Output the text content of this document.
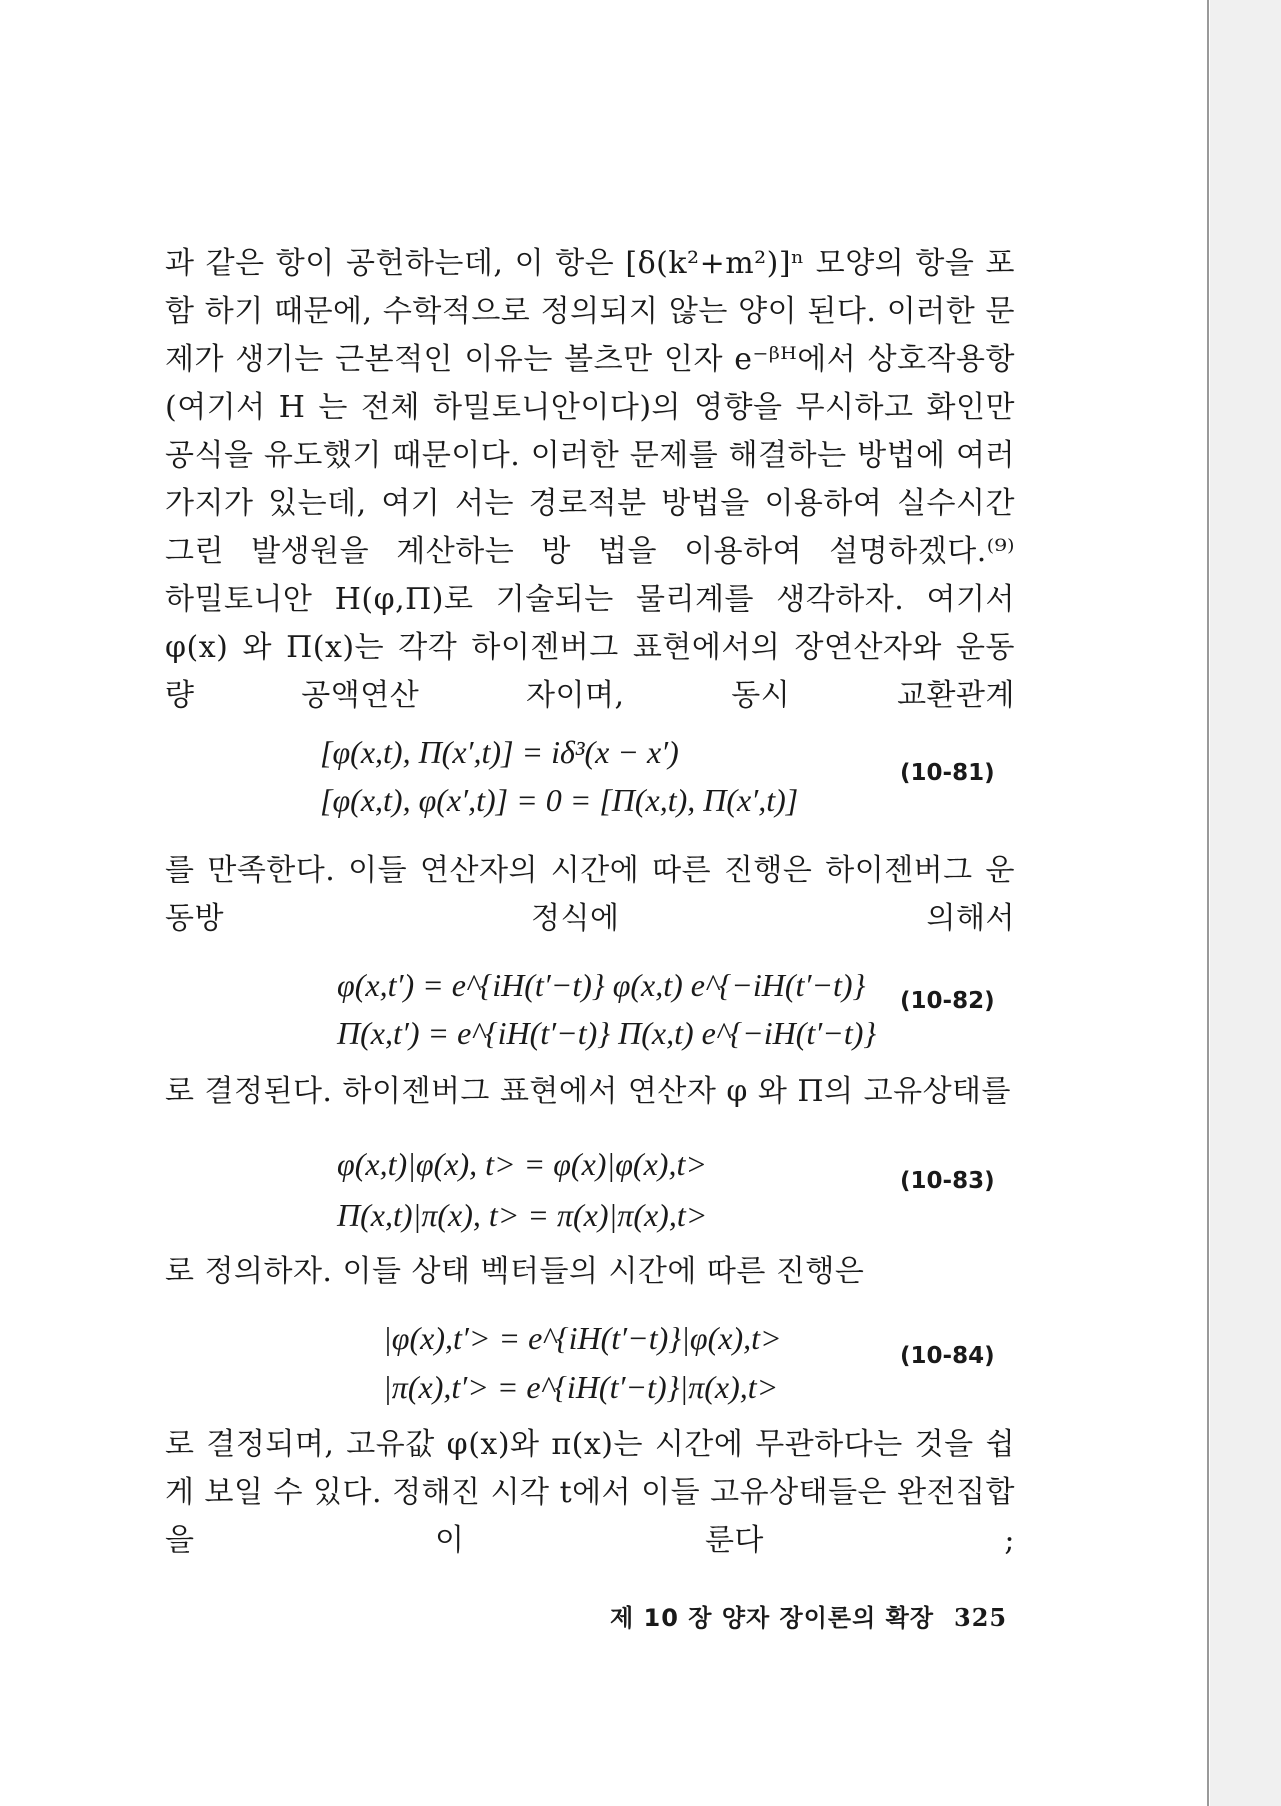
과 같은 항이 공헌하는데, 이 항은 [δ(k²+m²)]ⁿ 모양의 항을 포함 하기 때문에, 수학적으로 정의되지 않는 양이 된다. 이러한 문제가 생기는 근본적인 이유는 볼츠만 인자 e⁻ᵝᴴ에서 상호작용항(여기서 H 는 전체 하밀토니안이다)의 영향을 무시하고 화인만 공식을 유도했기 때문이다. 이러한 문제를 해결하는 방법에 여러 가지가 있는데, 여기 서는 경로적분 방법을 이용하여 실수시간 그린 발생원을 계산하는 방 법을 이용하여 설명하겠다.⁽⁹⁾

하밀토니안 H(φ,Π)로 기술되는 물리계를 생각하자. 여기서 φ(x) 와 Π(x)는 각각 하이젠버그 표현에서의 장연산자와 운동량 공액연산 자이며, 동시 교환관계

[φ(x,t), Π(x′,t)] = iδ³(x − x′)
[φ(x,t), φ(x′,t)] = 0 = [Π(x,t), Π(x′,t)]
(10-81)

를 만족한다. 이들 연산자의 시간에 따른 진행은 하이젠버그 운동방 정식에 의해서

φ(x,t′) = e^{iH(t′−t)} φ(x,t) e^{−iH(t′−t)}
Π(x,t′) = e^{iH(t′−t)} Π(x,t) e^{−iH(t′−t)}
(10-82)

로 결정된다. 하이젠버그 표현에서 연산자 φ 와 Π의 고유상태를

φ(x,t)|φ(x), t> = φ(x)|φ(x),t>
Π(x,t)|π(x), t> = π(x)|π(x),t>
(10-83)

로 정의하자. 이들 상태 벡터들의 시간에 따른 진행은

|φ(x),t′> = e^{iH(t′−t)}|φ(x),t>
|π(x),t′> = e^{iH(t′−t)}|π(x),t>
(10-84)

로 결정되며, 고유값 φ(x)와 π(x)는 시간에 무관하다는 것을 쉽게 보일 수 있다. 정해진 시각 t에서 이들 고유상태들은 완전집합을 이 룬다 ;

제 10 장 양자 장이론의 확장 325
